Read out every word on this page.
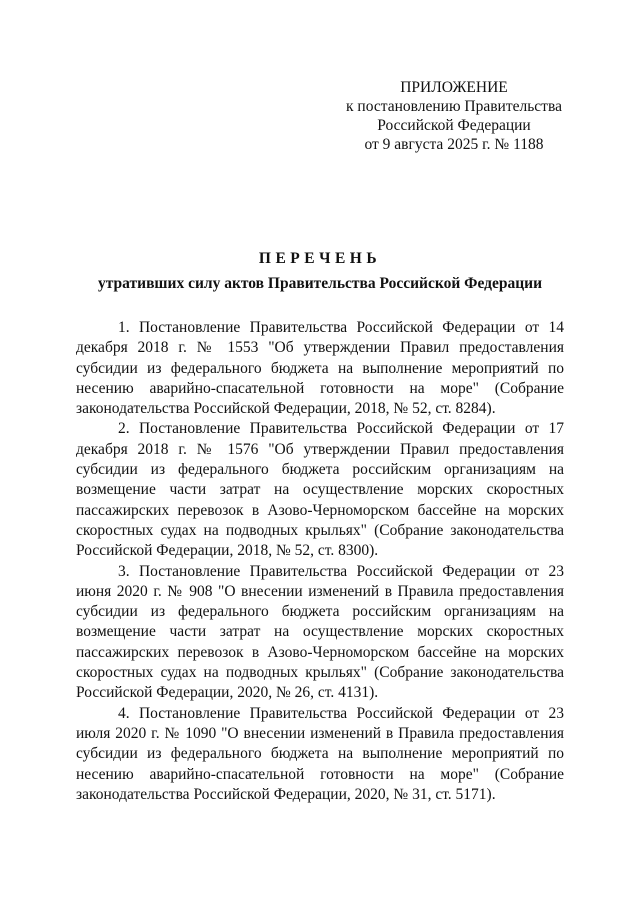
ПРИЛОЖЕНИЕ
к постановлению Правительства
Российской Федерации
от 9 августа 2025 г. № 1188
ПЕРЕЧЕНЬ
утративших силу актов Правительства Российской Федерации

1. Постановление Правительства Российской Федерации от 14 декабря 2018 г. № 1553 "Об утверждении Правил предоставления субсидии из федерального бюджета на выполнение мероприятий по несению аварийно-спасательной готовности на море" (Собрание законодательства Российской Федерации, 2018, № 52, ст. 8284).

2. Постановление Правительства Российской Федерации от 17 декабря 2018 г. № 1576 "Об утверждении Правил предоставления субсидии из федерального бюджета российским организациям на возмещение части затрат на осуществление морских скоростных пассажирских перевозок в Азово-Черноморском бассейне на морских скоростных судах на подводных крыльях" (Собрание законодательства Российской Федерации, 2018, № 52, ст. 8300).

3. Постановление Правительства Российской Федерации от 23 июня 2020 г. № 908 "О внесении изменений в Правила предоставления субсидии из федерального бюджета российским организациям на возмещение части затрат на осуществление морских скоростных пассажирских перевозок в Азово-Черноморском бассейне на морских скоростных судах на подводных крыльях" (Собрание законодательства Российской Федерации, 2020, № 26, ст. 4131).

4. Постановление Правительства Российской Федерации от 23 июля 2020 г. № 1090 "О внесении изменений в Правила предоставления субсидии из федерального бюджета на выполнение мероприятий по несению аварийно-спасательной готовности на море" (Собрание законодательства Российской Федерации, 2020, № 31, ст. 5171).
